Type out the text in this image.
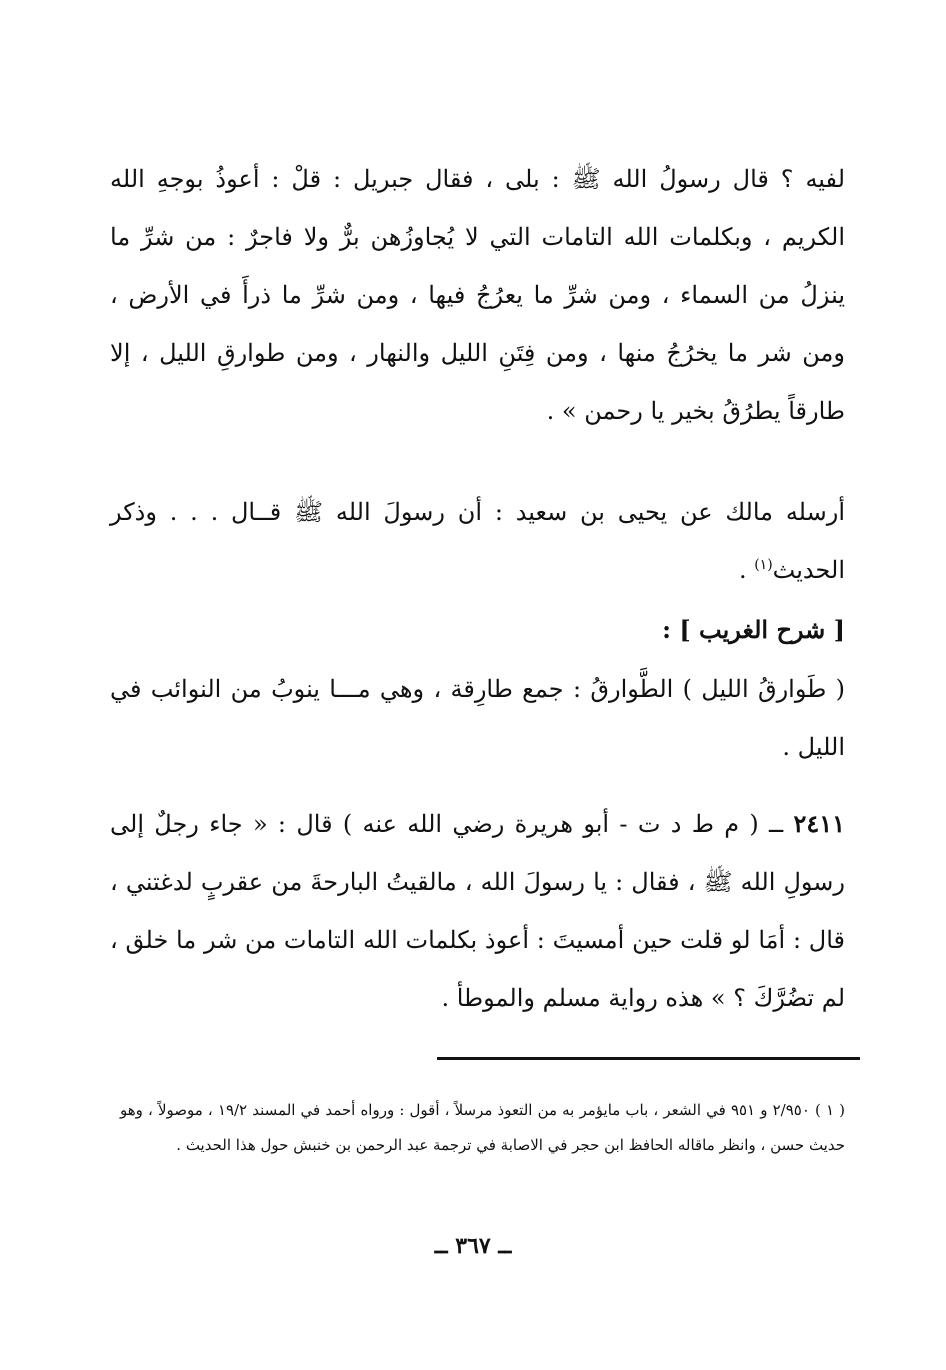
لفيه ؟ قال رسولُ الله ﷺ : بلى ، فقال جبريل : قلْ : أعوذُ بوجهِ الله الكريم ، وبكلمات الله التامات التي لا يُجاوزُهن برٌّ ولا فاجرٌ : من شرِّ ما ينزلُ من السماء ، ومن شرِّ ما يعرُجُ فيها ، ومن شرِّ ما ذرأَ في الأرض ، ومن شر ما يخرُجُ منها ، ومن فِتَنِ الليل والنهار ، ومن طوارقِ الليل ، إلا طارقاً يطرُقُ بخير يا رحمن » .

أرسله مالك عن يحيى بن سعيد : أن رسولَ الله ﷺ قــال . . . وذكر الحديث$^{(١)}$ .

[ شرح الغريب ] :

( طَوارقُ الليل ) الطَّوارقُ : جمع طارِقة ، وهي مـــا ينوبُ من النوائب في الليل .

٢٤١١ ــ ( م ط د ت - أبو هريرة رضي الله عنه ) قال : « جاء رجلٌ إلى رسولِ الله ﷺ ، فقال : يا رسولَ الله ، مالقيتُ البارحةَ من عقربٍ لدغتني ، قال : أمَا لو قلت حين أمسيتَ : أعوذ بكلمات الله التامات من شر ما خلق ، لم تضُرَّكَ ؟ » هذه رواية مسلم والموطأ .

( ١ ) ٢/٩٥٠ و ٩٥١ في الشعر ، باب مايؤمر به من التعوذ مرسلاً ، أقول : ورواه أحمد في المسند ١٩/٢ ، موصولاً ، وهو حديث حسن ، وانظر ماقاله الحافظ ابن حجر في الاصابة في ترجمة عبد الرحمن بن خنبش حول هذا الحديث .

ــ ٣٦٧ ــ
